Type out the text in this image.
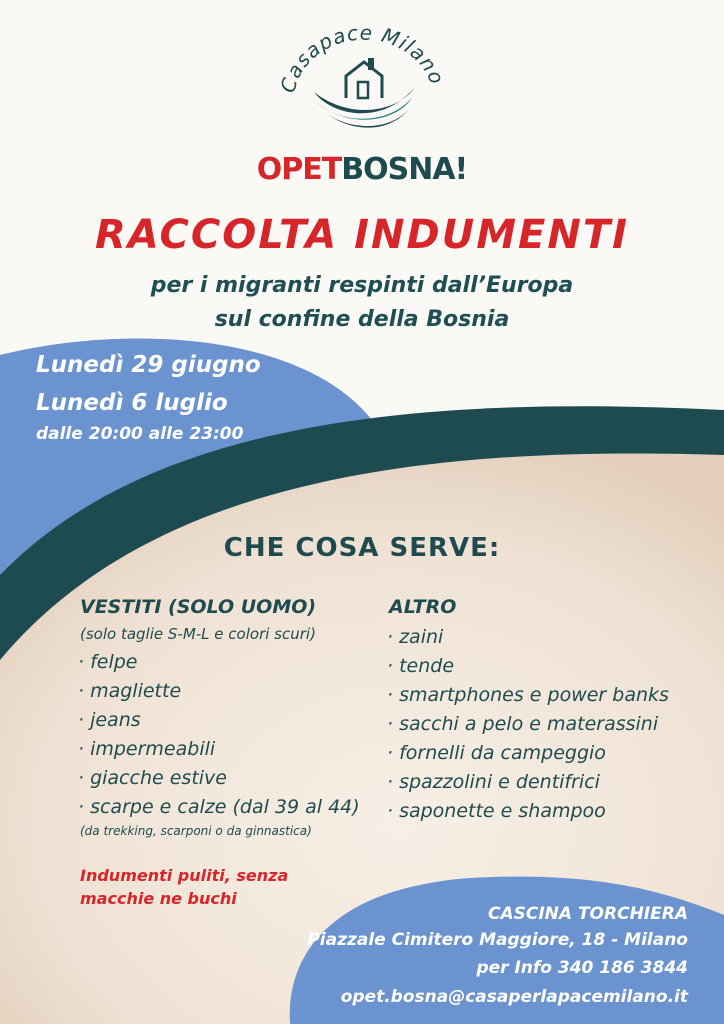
Casapace Milano
OPETBOSNA!
RACCOLTA INDUMENTI
per i migranti respinti dall’Europa
sul confine della Bosnia
Lunedì 29 giugno
Lunedì 6 luglio
dalle 20:00 alle 23:00
CHE COSA SERVE:
VESTITI (SOLO UOMO)
(solo taglie S-M-L e colori scuri)
· felpe
· magliette
· jeans
· impermeabili
· giacche estive
· scarpe e calze (dal 39 al 44)
(da trekking, scarponi o da ginnastica)
Indumenti puliti, senza
macchie ne buchi
ALTRO
· zaini
· tende
· smartphones e power banks
· sacchi a pelo e materassini
· fornelli da campeggio
· spazzolini e dentifrici
· saponette e shampoo
CASCINA TORCHIERA
Piazzale Cimitero Maggiore, 18 - Milano
per Info 340 186 3844
opet.bosna@casaperlapacemilano.it
